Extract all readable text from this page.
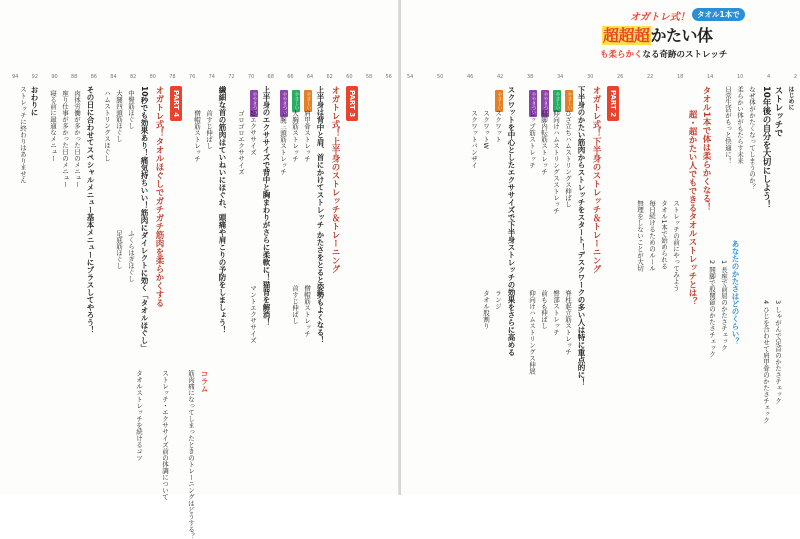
PART 3
オガトレ式！上半身のストレッチ＆トレーニング
上半身は背中と肩、首にかけてストレッチ かたさをとると姿勢もよくなる！
やさしい
肩甲骨ストレッチ
やさしい
大胸筋ストレッチ
ややきつい
上腕三頭筋ストレッチ
僧帽筋ストレッチ
首すじ伸ばし
上半身のエクササイズで背中と胸まわりがさらに柔軟に！猫背を解消！
ややきつい
Wエクササイズ
ゴロゴロエクササイズ
マントエクササイズ
繊細な首の筋肉はていねいにほぐれ、頭痛や肩こりの予防をしましょう！
首すじ伸ばし
僧帽筋ストレッチ
PART 4
オガトレ式！タオルほぐしでガチガチ筋肉を柔らかくする
10秒でも効果あり！痛気持ちいい！筋肉にダイレクトに効く「タオルほぐし」
中臀筋ほぐし
大腿四頭筋ほぐし
ハムストリングスほぐし
ふくらはぎほぐし
足底筋ほぐし
その日に合わせてスペシャルメニュー基本メニューにプラスしてやろう！
肉体労働が多かった日のメニュー
座り仕事が多かった日のメニュー
寝る前に最適なメニュー
おわりに
ストレッチに終わりはありません
コラム
筋肉痛になってしまったときのトレーニングはどうする？
ストレッチ・エクササイズ前の体調について
タオルストレッチを続けるコツ
94	92	90	88	86	84	82	80	78	76	74	72	70	68	66	64	62	60	58	56
オガトレ式！ タオル1本で
超超超かたい体
も柔らかくなる奇跡のストレッチ
はじめに
ストレッチで
10年後の自分を大切にしよう！
なぜ体がかたくなってしまうのか？
柔らかい体がもたらす未来
日常生活がもっと快適に！
タオル1本で体は柔らかくなる！
超・超かたい人でもできるタオルストレッチとは？
ストレッチの前にやってみよう
タオル1本で始められる
毎日続けるためのルール
無理をしないことが大切
あなたのかたさはどのくらい？
1 長座で前屈のかたさチェック
2 開脚で股関節のかたさチェック	3 しゃがんで足首のかたさチェック
4 ひじを合わせて肩甲骨のかたさチェック
PART 2
オガトレ式！下半身のストレッチ＆トレーニング
下半身のかたい筋肉からストレッチをスタート！デスクワークの多い人は特に重点的に！
やさしい
ひざ立ちハムストリングス伸ばし
やさしい
仰向けハムストリングスストレッチ
ややきつい
開脚内転筋ストレッチ
ややきつい
ヒップ筋ストレッチ
脊柱起立筋ストレッチ
臀部ストレッチ
前もも伸ばし
仰向けハムストリングス伸展
スクワットを中心としたエクササイズで下半身ストレッチの効果をさらに高める
やさしい
スクワット
スクワットW
スクワットバンザイ
ランジ
タオル股割り
54	50	46	42	38	34	30	26	22	18	14	10	4	2
